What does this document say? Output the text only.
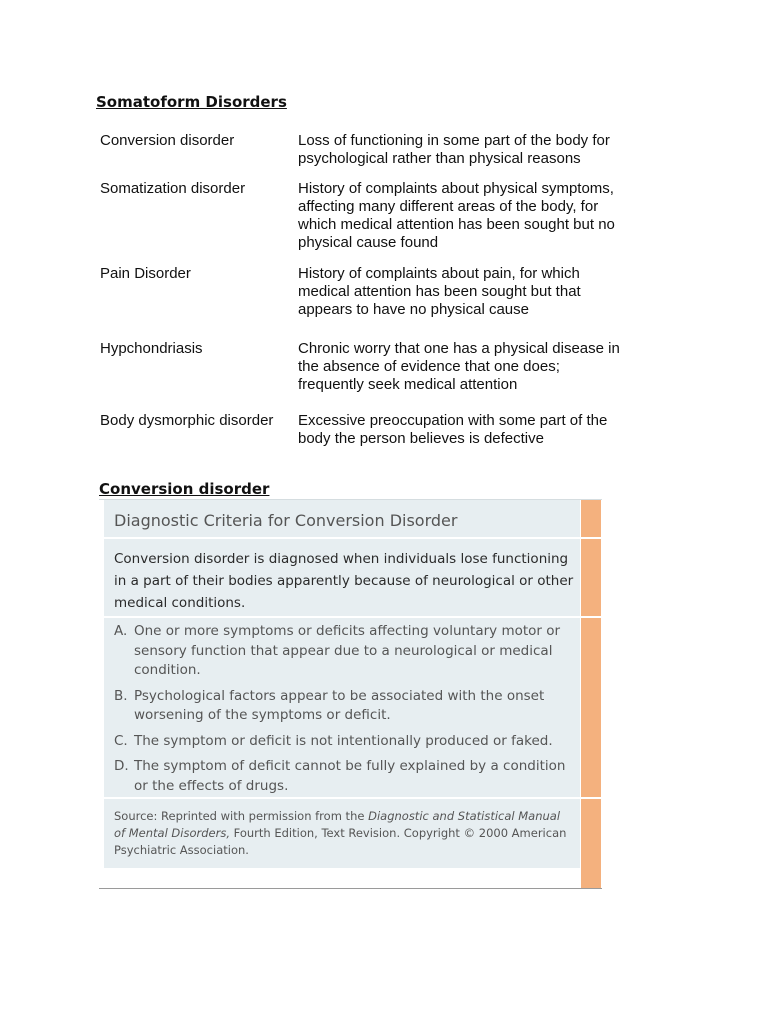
Somatoform Disorders
Conversion disorder	Loss of functioning in some part of the body for psychological rather than physical reasons
Somatization disorder	History of complaints about physical symptoms, affecting many different areas of the body, for which medical attention has been sought but no physical cause found
Pain Disorder	History of complaints about pain, for which medical attention has been sought but that appears to have no physical cause
Hypchondriasis	Chronic worry that one has a physical disease in the absence of evidence that one does; frequently seek medical attention
Body dysmorphic disorder	Excessive preoccupation with some part of the body the person believes is defective
Conversion disorder
Diagnostic Criteria for Conversion Disorder
Conversion disorder is diagnosed when individuals lose functioning in a part of their bodies apparently because of neurological or other medical conditions.
A. One or more symptoms or deficits affecting voluntary motor or sensory function that appear due to a neurological or medical condition.
B. Psychological factors appear to be associated with the onset worsening of the symptoms or deficit.
C. The symptom or deficit is not intentionally produced or faked.
D. The symptom of deficit cannot be fully explained by a condition or the effects of drugs.
Source: Reprinted with permission from the Diagnostic and Statistical Manual of Mental Disorders, Fourth Edition, Text Revision. Copyright © 2000 American Psychiatric Association.
